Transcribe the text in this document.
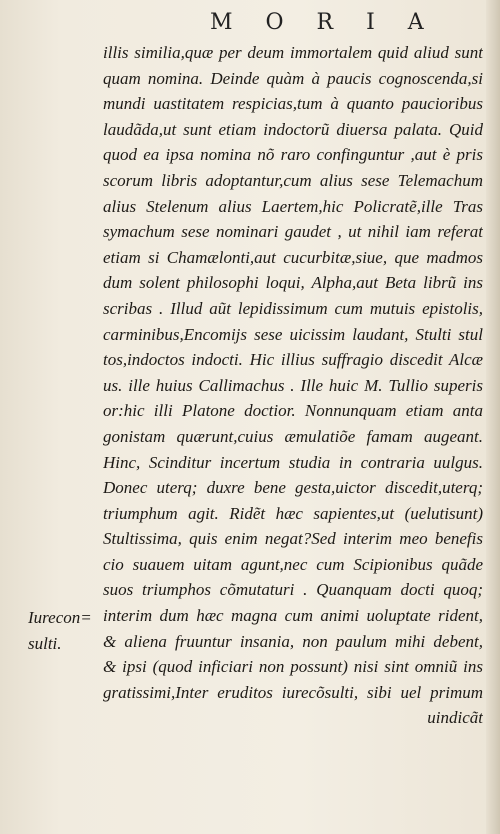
M O R I A
illis similia,quæ per deum immortalem quid aliud sunt
quam nomina. Deinde quàm à paucis cognoscenda,si
mundi uastitatem respicias,tum à quanto paucioribus
laudãda,ut sunt etiam indoctorũ diuersa palata. Quid
quod ea ipsa nomina nõ raro confinguntur ,aut è pris
scorum libris adoptantur,cum alius sese Telemachum
alius Stelenum alius Laertem,hic Policratẽ,ille Tras
symachum sese nominari gaudet , ut nihil iam referat
etiam si Chamælonti,aut cucurbitæ,siue, que madmos
dum solent philosophi loqui, Alpha,aut Beta librũ ins
scribas . Illud aũt lepidissimum cum mutuis epistolis,
carminibus,Encomijs sese uicissim laudant, Stulti stul
tos,indoctos indocti. Hic illius suffragio discedit Alcæ
us. ille huius Callimachus . Ille huic M. Tullio superis
or:hic illi Platone doctior. Nonnunquam etiam anta
gonistam quærunt,cuius æmulatiõe famam augeant.
Hinc, Scinditur incertum studia in contraria uulgus.
Donec uterq; duxre bene gesta,uictor discedit,uterq;
triumphum agit. Ridẽt hæc sapientes,ut (uelutisunt)
Stultissima, quis enim negat?Sed interim meo benefis
cio suauem uitam agunt,nec cum Scipionibus quãde
suos triumphos cõmutaturi . Quanquam docti quoq;
interim dum hæc magna cum animi uoluptate rident,
& aliena fruuntur insania, non paulum mihi debent,
& ipsi (quod inficiari non possunt) nisi sint omniũ ins
gratissimi,Inter eruditos iurecõsulti, sibi uel primum
uindicãt
Iurecon=
sulti.
